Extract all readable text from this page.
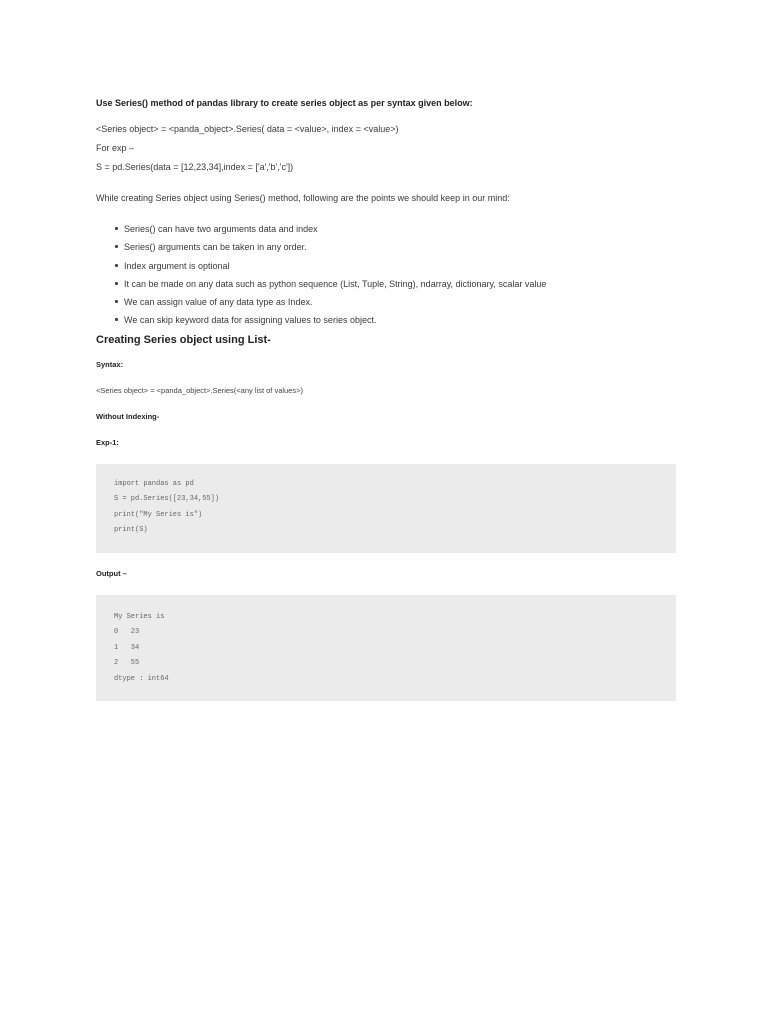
Use Series() method of pandas library to create series object as per syntax given below:

<Series object> = <panda_object>.Series( data = <value>, index = <value>)

For exp –

S = pd.Series(data = [12,23,34],index = ['a','b','c'])

While creating Series object using Series() method, following are the points we should keep in our mind:

Series() can have two arguments data and index
Series() arguments can be taken in any order.
Index argument is optional
It can be made on any data such as python sequence (List, Tuple, String), ndarray, dictionary, scalar value
We can assign value of any data type as Index.
We can skip keyword data for assigning values to series object.

Creating Series object using List-

Syntax:

<Series object> = <panda_object>.Series(<any list of values>)

Without Indexing-

Exp-1:

import pandas as pd
S = pd.Series([23,34,55])
print("My Series is")
print(S)

Output –

My Series is
0   23
1   34
2   55
dtype : int64
